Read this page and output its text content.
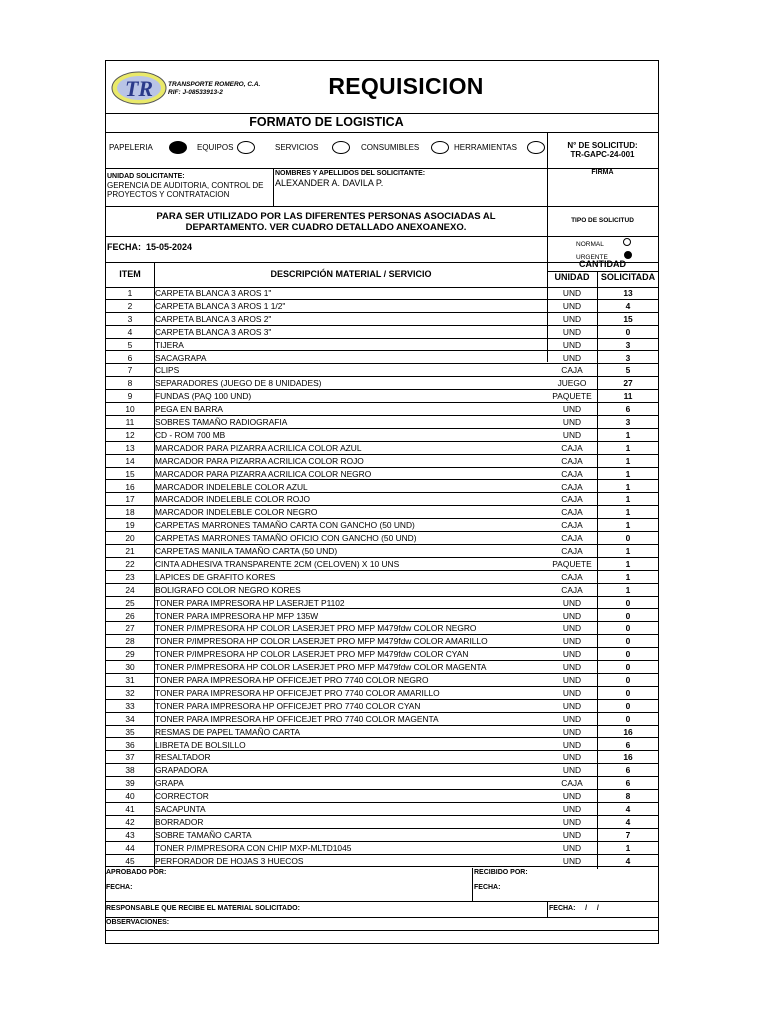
TR TRANSPORTE ROMERO, C.A.
RIF: J-08533913-2	REQUISICION
FORMATO DE LOGISTICA
PAPELERIA	EQUIPOS	SERVICIOS	CONSUMIBLES	HERRAMIENTAS	N° DE SOLICITUD:
TR-GAPC-24-001
UNIDAD SOLICITANTE:
GERENCIA DE AUDITORIA, CONTROL DE PROYECTOS Y CONTRATACION
NOMBRES Y APELLIDOS DEL SOLICITANTE:
ALEXANDER A. DAVILA P.
FIRMA
PARA SER UTILIZADO POR LAS DIFERENTES PERSONAS ASOCIADAS AL DEPARTAMENTO. VER CUADRO DETALLADO ANEXOANEXO.
TIPO DE SOLICITUD
FECHA: 15-05-2024	NORMAL
URGENTE
ITEM	DESCRIPCIÓN MATERIAL / SERVICIO
CANTIDAD
UNIDAD	SOLICITADA
1	CARPETA BLANCA 3 AROS 1"	UND	13
2	CARPETA BLANCA 3 AROS 1 1/2"	UND	4
3	CARPETA BLANCA 3 AROS 2"	UND	15
4	CARPETA BLANCA 3 AROS 3"	UND	0
5	TIJERA	UND	3
6	SACAGRAPA	UND	3
7	CLIPS	CAJA	5
8	SEPARADORES (JUEGO DE 8 UNIDADES)	JUEGO	27
9	FUNDAS (PAQ 100 UND)	PAQUETE	11
10	PEGA EN BARRA	UND	6
11	SOBRES TAMAÑO RADIOGRAFIA	UND	3
12	CD - ROM 700 MB	UND	1
13	MARCADOR PARA PIZARRA ACRILICA COLOR AZUL	CAJA	1
14	MARCADOR PARA PIZARRA ACRILICA COLOR ROJO	CAJA	1
15	MARCADOR PARA PIZARRA ACRILICA COLOR NEGRO	CAJA	1
16	MARCADOR INDELEBLE COLOR AZUL	CAJA	1
17	MARCADOR INDELEBLE COLOR ROJO	CAJA	1
18	MARCADOR INDELEBLE COLOR NEGRO	CAJA	1
19	CARPETAS MARRONES TAMAÑO CARTA CON GANCHO (50 UND)	CAJA	1
20	CARPETAS MARRONES TAMAÑO OFICIO CON GANCHO (50 UND)	CAJA	0
21	CARPETAS MANILA TAMAÑO CARTA (50 UND)	CAJA	1
22	CINTA ADHESIVA TRANSPARENTE 2CM (CELOVEN) X 10 UNS	PAQUETE	1
23	LAPICES DE GRAFITO KORES	CAJA	1
24	BOLIGRAFO COLOR NEGRO KORES	CAJA	1
25	TONER PARA IMPRESORA HP LASERJET P1102	UND	0
26	TONER PARA IMPRESORA HP MFP 135W	UND	0
27	TONER P/IMPRESORA HP COLOR LASERJET PRO MFP M479fdw COLOR NEGRO	UND	0
28	TONER P/IMPRESORA HP COLOR LASERJET PRO MFP M479fdw COLOR AMARILLO	UND	0
29	TONER P/IMPRESORA HP COLOR LASERJET PRO MFP M479fdw COLOR CYAN	UND	0
30	TONER P/IMPRESORA HP COLOR LASERJET PRO MFP M479fdw COLOR MAGENTA	UND	0
31	TONER PARA IMPRESORA HP OFFICEJET PRO 7740 COLOR NEGRO	UND	0
32	TONER PARA IMPRESORA HP OFFICEJET PRO 7740 COLOR AMARILLO	UND	0
33	TONER PARA IMPRESORA HP OFFICEJET PRO 7740 COLOR CYAN	UND	0
34	TONER PARA IMPRESORA HP OFFICEJET PRO 7740 COLOR MAGENTA	UND	0
35	RESMAS DE PAPEL TAMAÑO CARTA	UND	16
36	LIBRETA DE BOLSILLO	UND	6
37	RESALTADOR	UND	16
38	GRAPADORA	UND	6
39	GRAPA	CAJA	6
40	CORRECTOR	UND	8
41	SACAPUNTA	UND	4
42	BORRADOR	UND	4
43	SOBRE TAMAÑO CARTA	UND	7
44	TONER P/IMPRESORA CON CHIP MXP-MLTD1045	UND	1
45	PERFORADOR DE HOJAS 3 HUECOS	UND	4
APROBADO POR:	RECIBIDO POR:
FECHA:	FECHA:
RESPONSABLE QUE RECIBE EL MATERIAL SOLICITADO:	FECHA:     /     /
OBSERVACIONES:
